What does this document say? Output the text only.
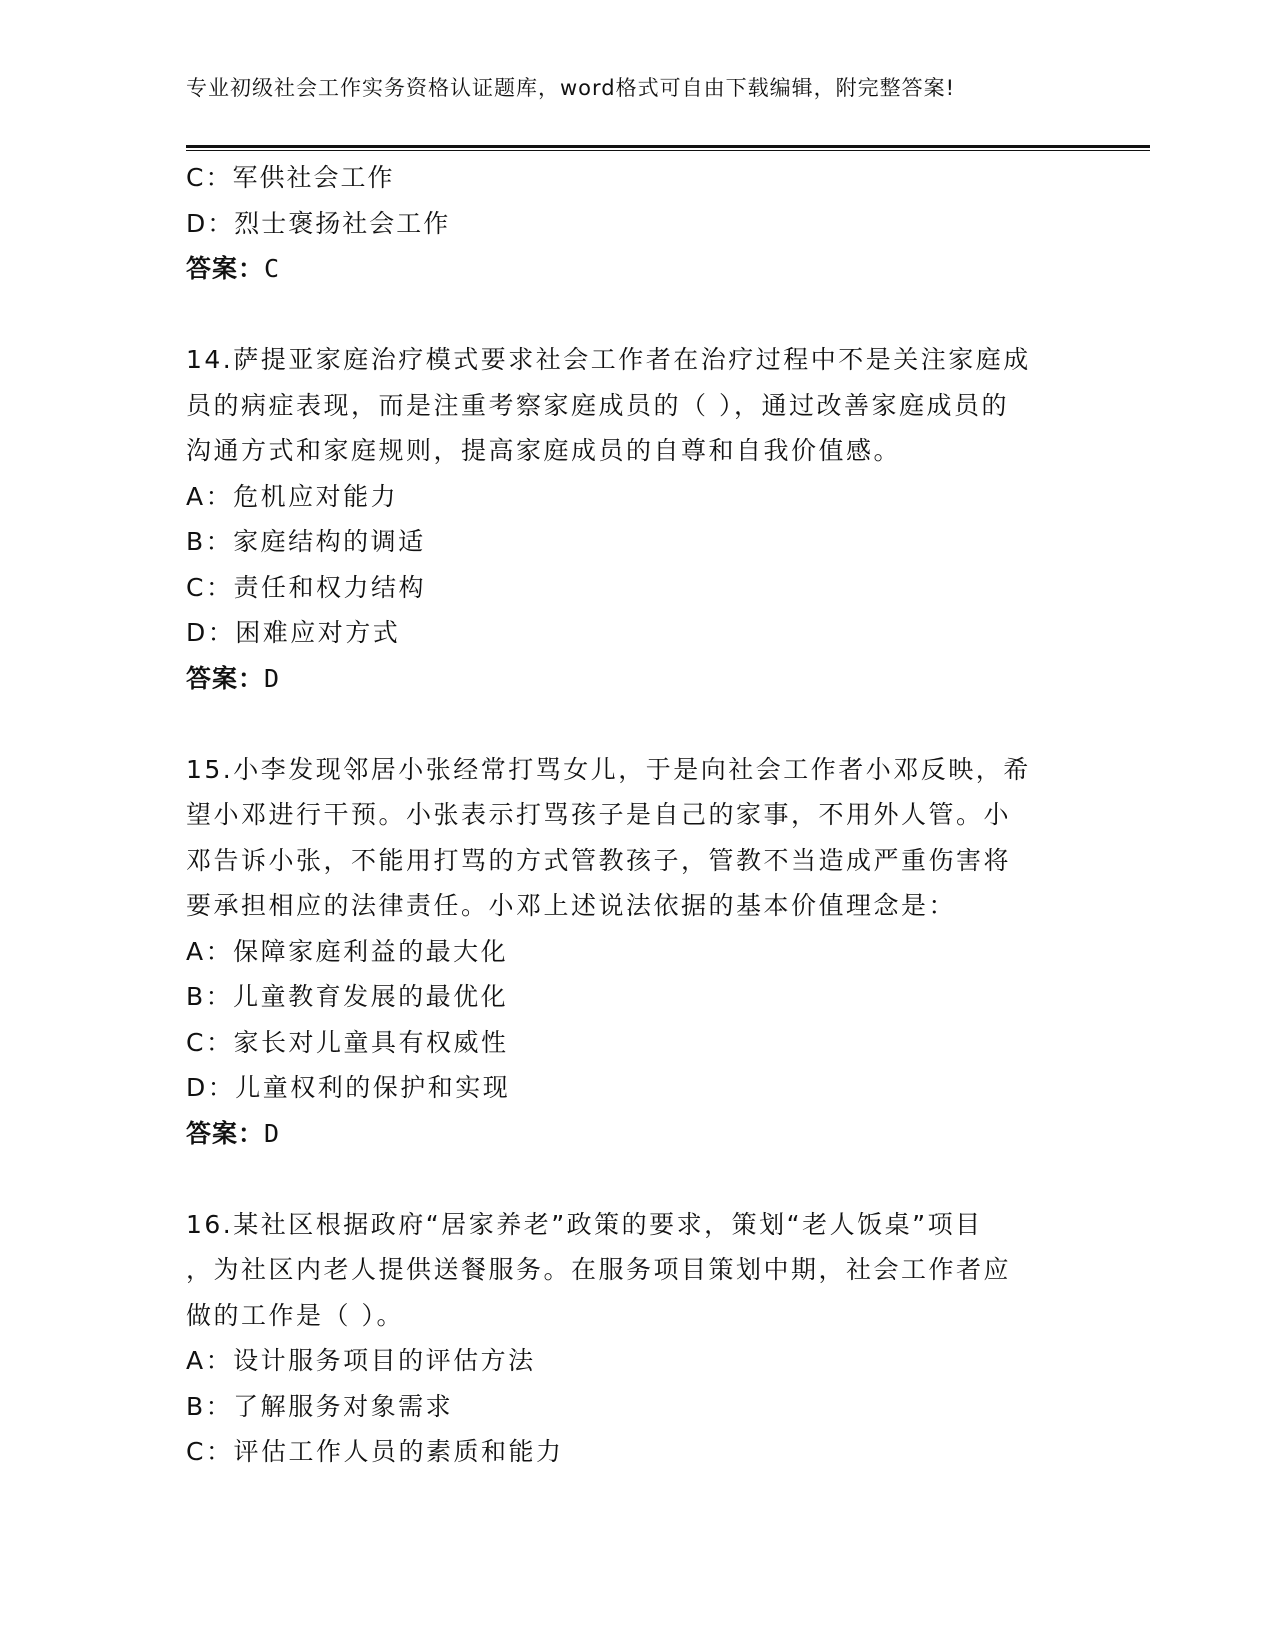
专业初级社会工作实务资格认证题库，word格式可自由下载编辑，附完整答案!
C：军供社会工作
D：烈士褒扬社会工作
答案：C
14.萨提亚家庭治疗模式要求社会工作者在治疗过程中不是关注家庭成
员的病症表现，而是注重考察家庭成员的（ ），通过改善家庭成员的
沟通方式和家庭规则，提高家庭成员的自尊和自我价值感。
A：危机应对能力
B：家庭结构的调适
C：责任和权力结构
D：困难应对方式
答案：D
15.小李发现邻居小张经常打骂女儿，于是向社会工作者小邓反映，希
望小邓进行干预。小张表示打骂孩子是自己的家事，不用外人管。小
邓告诉小张，不能用打骂的方式管教孩子，管教不当造成严重伤害将
要承担相应的法律责任。小邓上述说法依据的基本价值理念是：
A：保障家庭利益的最大化
B：儿童教育发展的最优化
C：家长对儿童具有权威性
D：儿童权利的保护和实现
答案：D
16.某社区根据政府“居家养老”政策的要求，策划“老人饭桌”项目
，为社区内老人提供送餐服务。在服务项目策划中期，社会工作者应
做的工作是（ ）。
A：设计服务项目的评估方法
B：了解服务对象需求
C：评估工作人员的素质和能力
